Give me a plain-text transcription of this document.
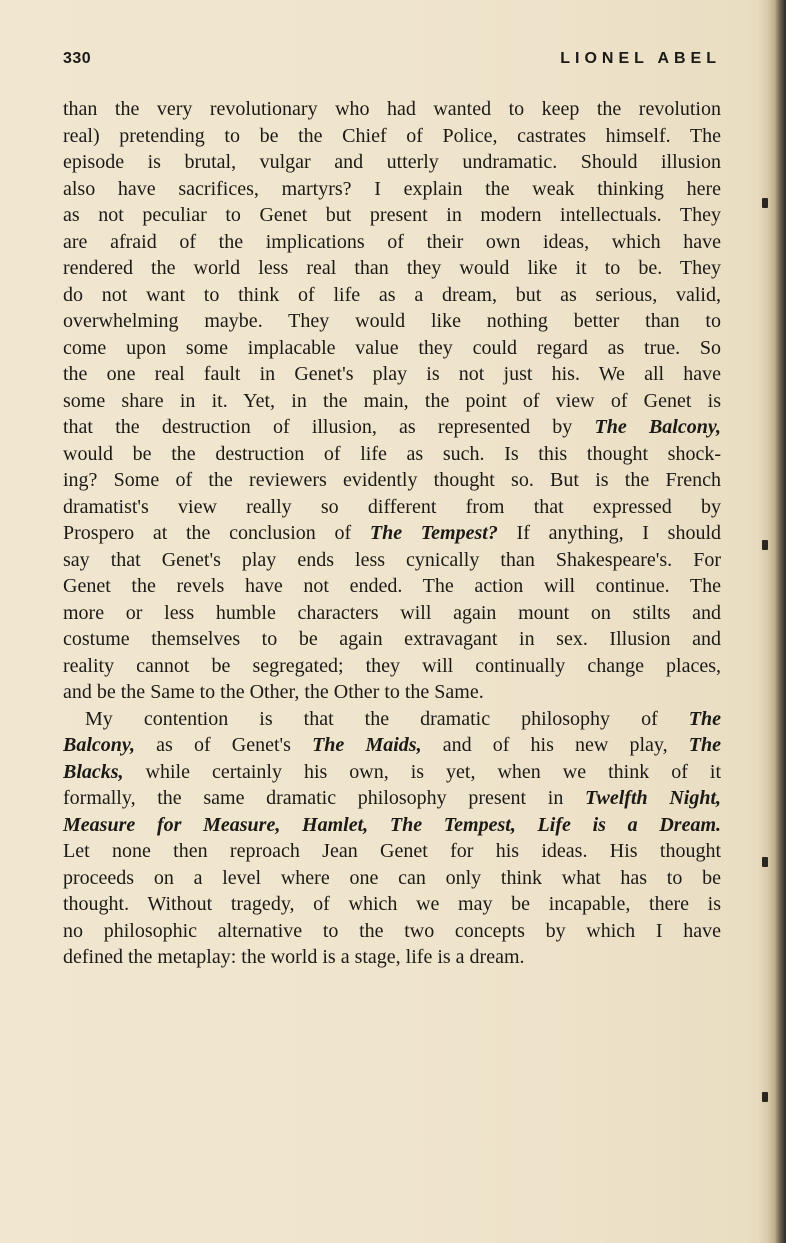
330	LIONEL ABEL
than the very revolutionary who had wanted to keep the revolution
real) pretending to be the Chief of Police, castrates himself. The
episode is brutal, vulgar and utterly undramatic. Should illusion
also have sacrifices, martyrs? I explain the weak thinking here
as not peculiar to Genet but present in modern intellectuals. They
are afraid of the implications of their own ideas, which have
rendered the world less real than they would like it to be. They
do not want to think of life as a dream, but as serious, valid,
overwhelming maybe. They would like nothing better than to
come upon some implacable value they could regard as true. So
the one real fault in Genet's play is not just his. We all have
some share in it. Yet, in the main, the point of view of Genet is
that the destruction of illusion, as represented by The Balcony,
would be the destruction of life as such. Is this thought shock-
ing? Some of the reviewers evidently thought so. But is the French
dramatist's view really so different from that expressed by
Prospero at the conclusion of The Tempest? If anything, I should
say that Genet's play ends less cynically than Shakespeare's. For
Genet the revels have not ended. The action will continue. The
more or less humble characters will again mount on stilts and
costume themselves to be again extravagant in sex. Illusion and
reality cannot be segregated; they will continually change places,
and be the Same to the Other, the Other to the Same.
My contention is that the dramatic philosophy of The
Balcony, as of Genet's The Maids, and of his new play, The
Blacks, while certainly his own, is yet, when we think of it
formally, the same dramatic philosophy present in Twelfth Night,
Measure for Measure, Hamlet, The Tempest, Life is a Dream.
Let none then reproach Jean Genet for his ideas. His thought
proceeds on a level where one can only think what has to be
thought. Without tragedy, of which we may be incapable, there is
no philosophic alternative to the two concepts by which I have
defined the metaplay: the world is a stage, life is a dream.
